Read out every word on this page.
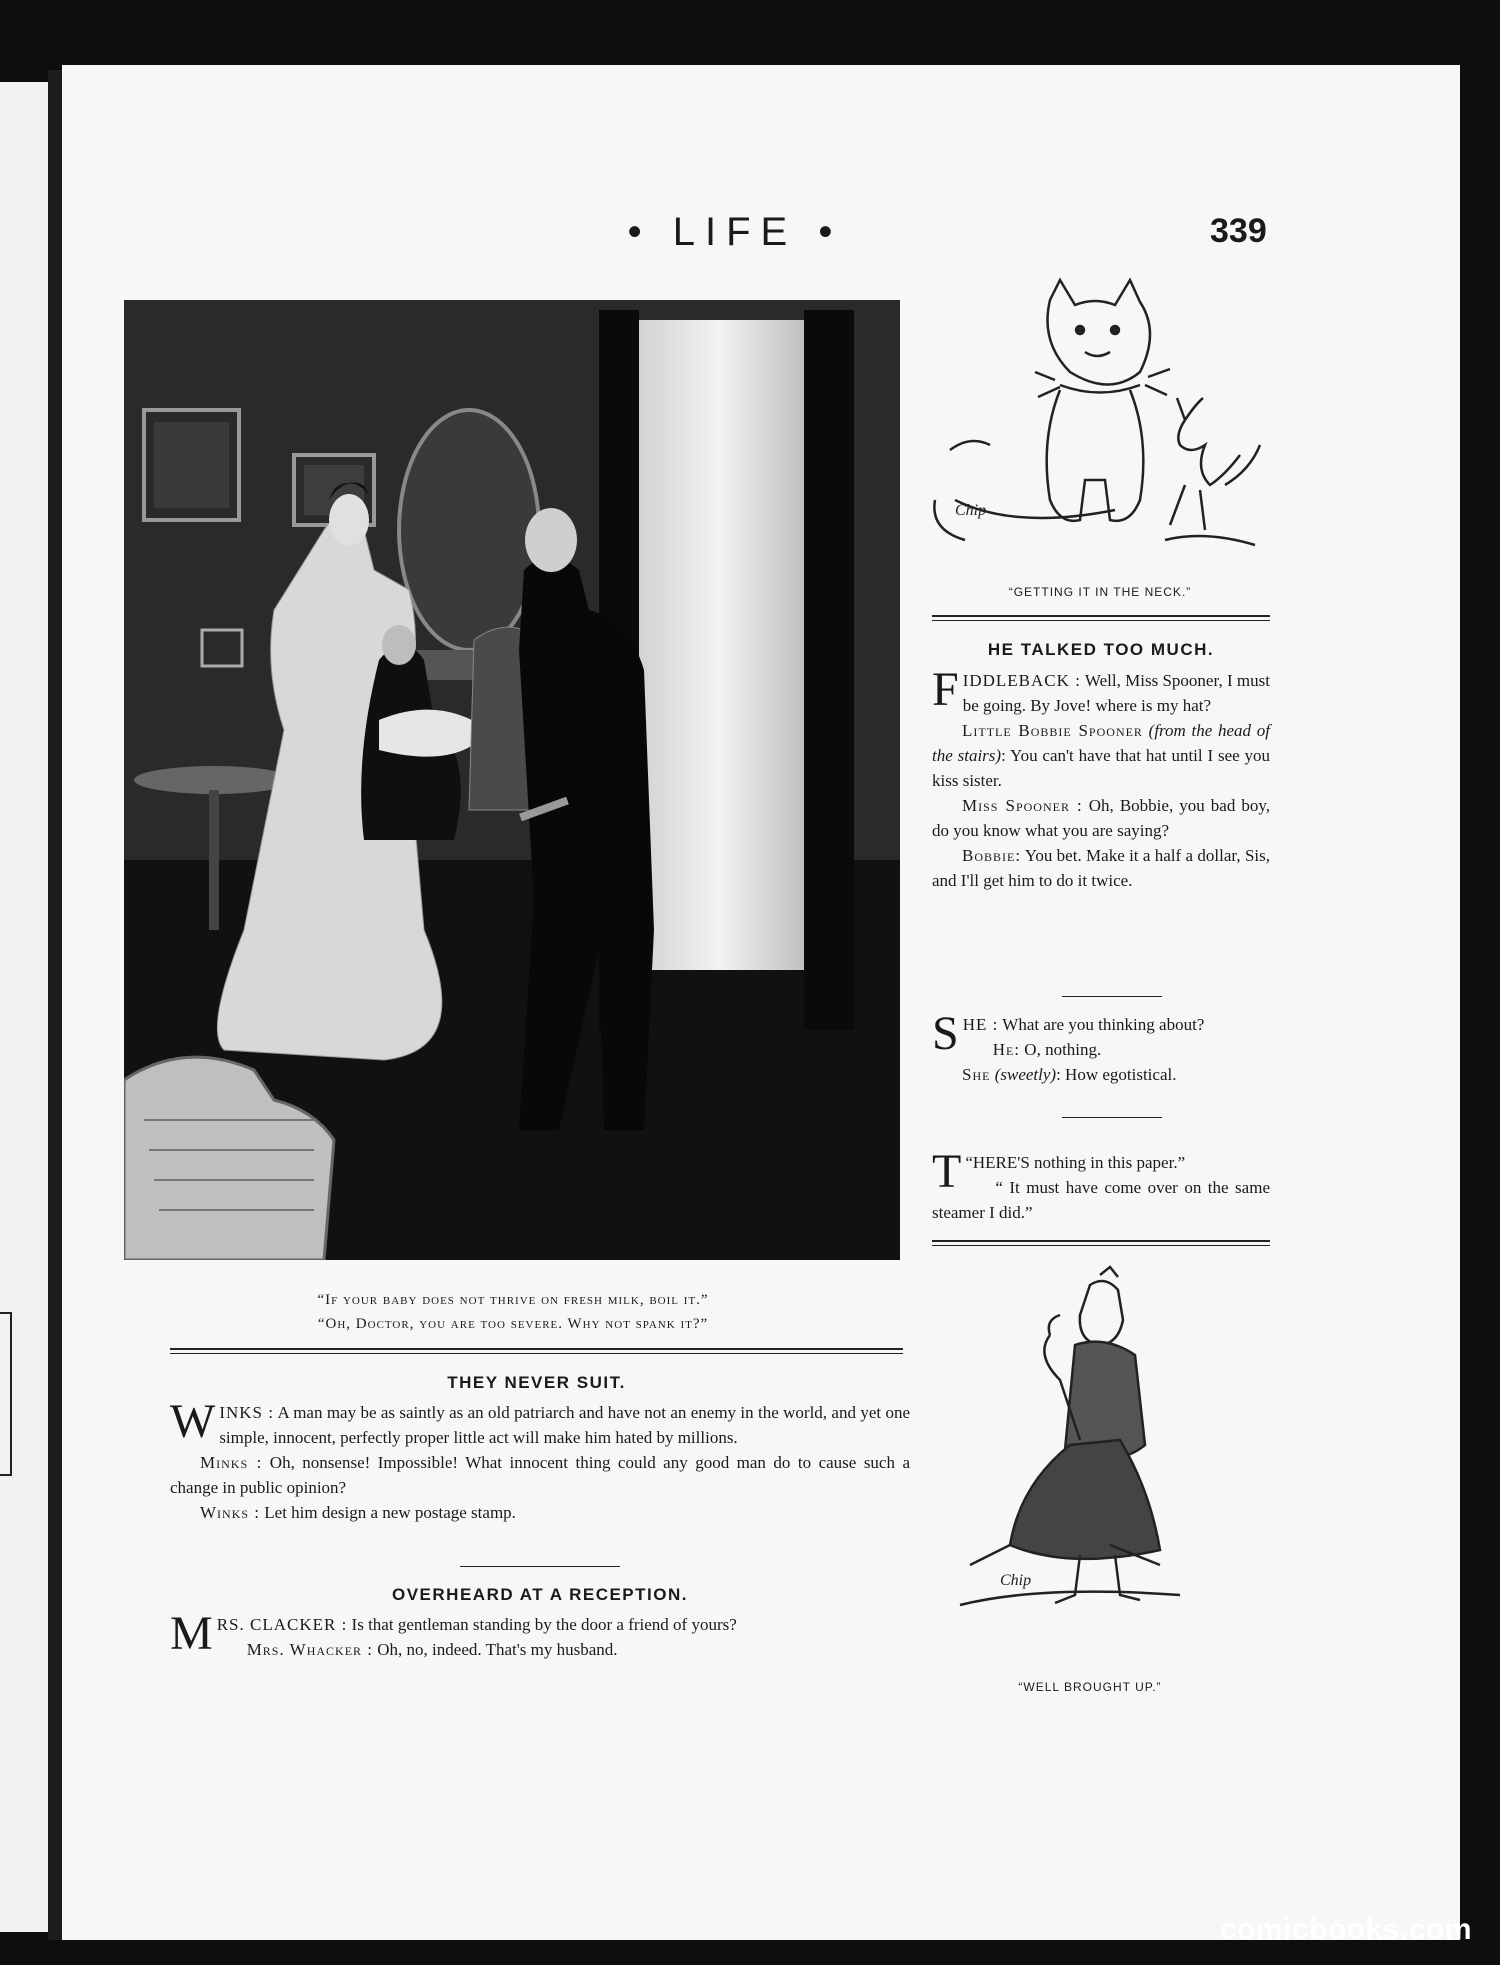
• LIFE •	339
“If your baby does not thrive on fresh milk, boil it.”
“Oh, Doctor, you are too severe. Why not spank it?”
Chip
“GETTING IT IN THE NECK.”
HE TALKED TOO MUCH.

FIDDLEBACK : Well, Miss Spooner, I must be going. By Jove! where is my hat?

Little Bobbie Spooner (from the head of the stairs): You can't have that hat until I see you kiss sister.

Miss Spooner : Oh, Bobbie, you bad boy, do you know what you are saying?

Bobbie: You bet. Make it a half a dollar, Sis, and I'll get him to do it twice.

SHE : What are you thinking about?

He: O, nothing.

She (sweetly): How egotistical.

“
T HERE'S nothing in this paper.”

“ It must have come over on the same steamer I did.”

Chip
“WELL BROUGHT UP.”
THEY NEVER SUIT.

WINKS : A man may be as saintly as an old patriarch and have not an enemy in the world, and yet one simple, innocent, perfectly proper little act will make him hated by millions.

Minks : Oh, nonsense! Impossible! What innocent thing could any good man do to cause such a change in public opinion?

Winks : Let him design a new postage stamp.

OVERHEARD AT A RECEPTION.

MRS. CLACKER : Is that gentleman standing by the door a friend of yours?

Mrs. Whacker : Oh, no, indeed. That's my husband.

comicbooks.com
